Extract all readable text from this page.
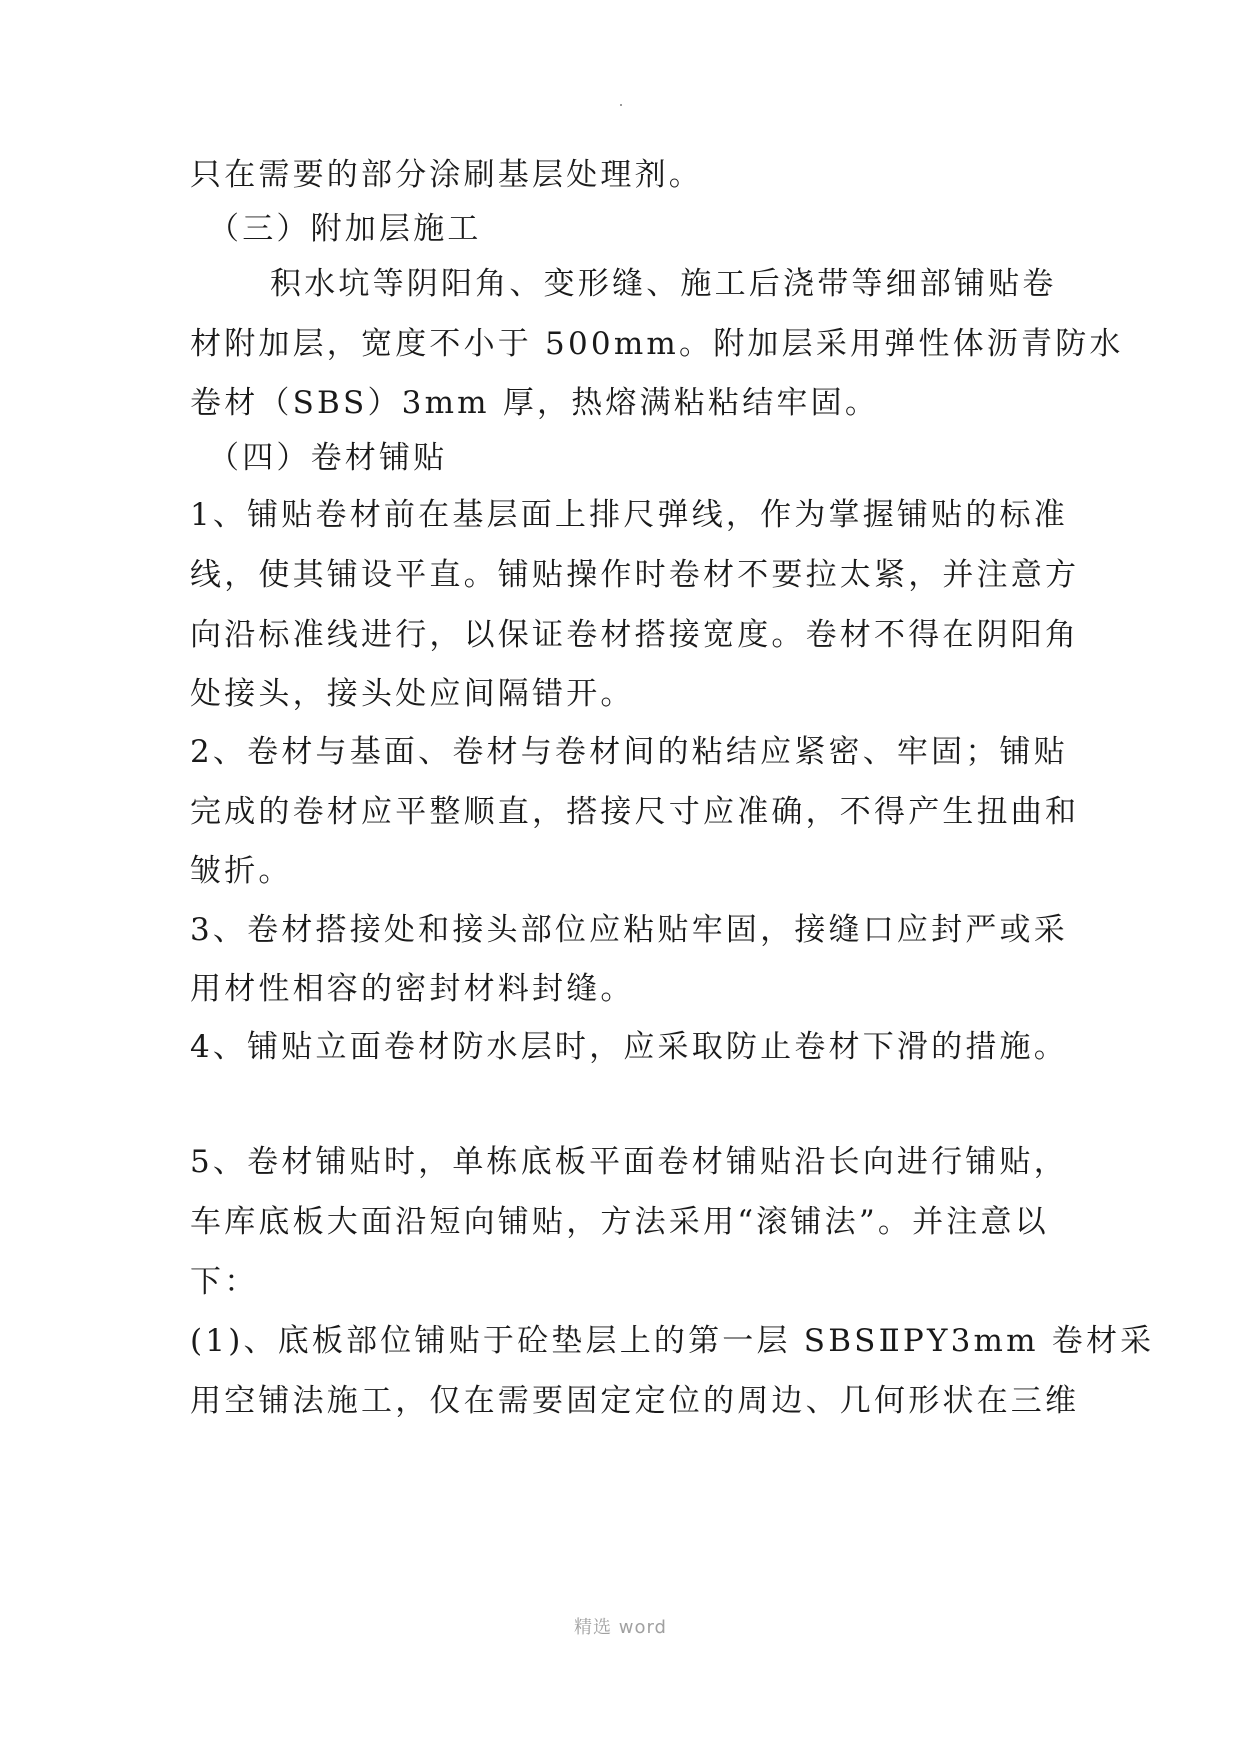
只在需要的部分涂刷基层处理剂。
（三）附加层施工
积水坑等阴阳角、变形缝、施工后浇带等细部铺贴卷
材附加层，宽度不小于 500mm。附加层采用弹性体沥青防水
卷材（SBS）3mm 厚，热熔满粘粘结牢固。
（四）卷材铺贴
1、铺贴卷材前在基层面上排尺弹线，作为掌握铺贴的标准
线，使其铺设平直。铺贴操作时卷材不要拉太紧，并注意方
向沿标准线进行，以保证卷材搭接宽度。卷材不得在阴阳角
处接头，接头处应间隔错开。
2、卷材与基面、卷材与卷材间的粘结应紧密、牢固；铺贴
完成的卷材应平整顺直，搭接尺寸应准确，不得产生扭曲和
皱折。
3、卷材搭接处和接头部位应粘贴牢固，接缝口应封严或采
用材性相容的密封材料封缝。
4、铺贴立面卷材防水层时，应采取防止卷材下滑的措施。
5、卷材铺贴时，单栋底板平面卷材铺贴沿长向进行铺贴，
车库底板大面沿短向铺贴，方法采用“滚铺法”。并注意以
下：
(1)、底板部位铺贴于砼垫层上的第一层 SBSⅡPY3mm 卷材采
用空铺法施工，仅在需要固定定位的周边、几何形状在三维
精选 word
